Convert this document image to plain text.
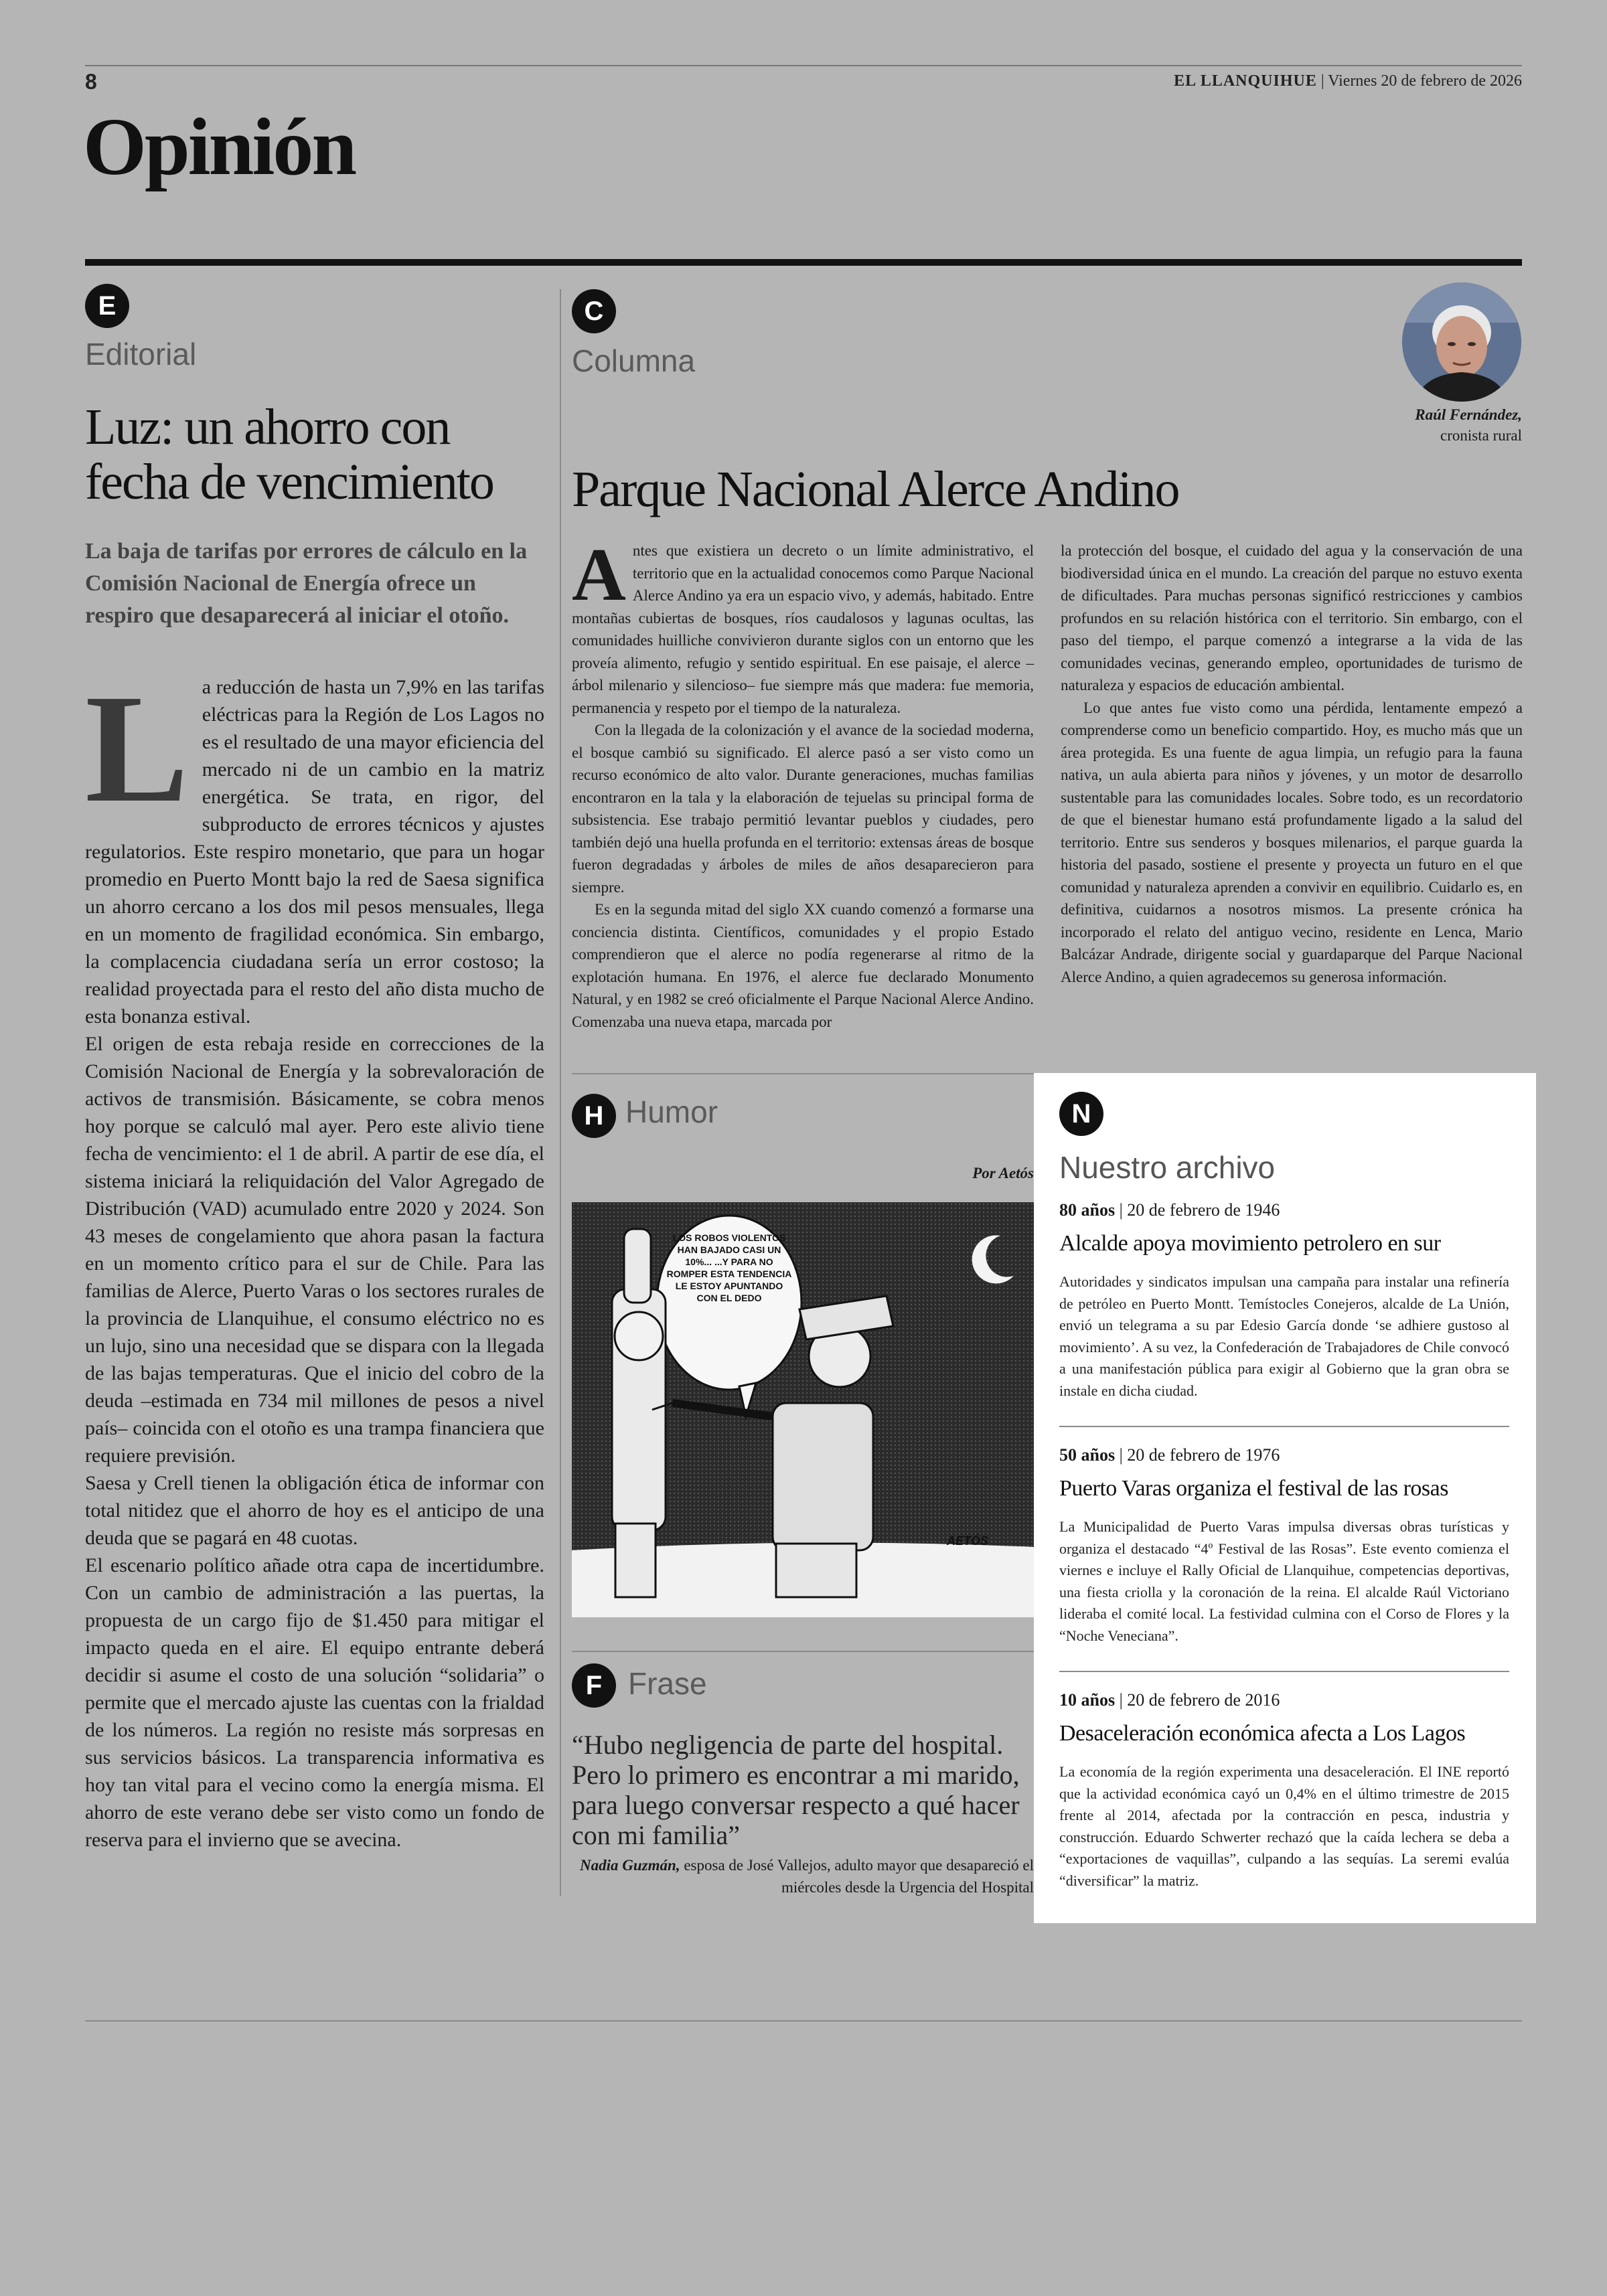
8	EL LLANQUIHUE | Viernes 20 de febrero de 2026
Opinión
E
Editorial
Luz: un ahorro con
fecha de vencimiento
La baja de tarifas por errores de cálculo en la Comisión Nacional de Energía ofrece un respiro que desaparecerá al iniciar el otoño.
L a reducción de hasta un 7,9% en las tarifas eléctricas para la Región de Los Lagos no es el resultado de una mayor eficiencia del mercado ni de un cambio en la matriz energética. Se trata, en rigor, del subproducto de errores técnicos y ajustes regulatorios. Este respiro monetario, que para un hogar promedio en Puerto Montt bajo la red de Saesa significa un ahorro cercano a los dos mil pesos mensuales, llega en un momento de fragilidad económica. Sin embargo, la complacencia ciudadana sería un error costoso; la realidad proyectada para el resto del año dista mucho de esta bonanza estival.

El origen de esta rebaja reside en correcciones de la Comisión Nacional de Energía y la sobrevaloración de activos de transmisión. Básicamente, se cobra menos hoy porque se calculó mal ayer. Pero este alivio tiene fecha de vencimiento: el 1 de abril. A partir de ese día, el sistema iniciará la reliquidación del Valor Agregado de Distribución (VAD) acumulado entre 2020 y 2024. Son 43 meses de congelamiento que ahora pasan la factura en un momento crítico para el sur de Chile. Para las familias de Alerce, Puerto Varas o los sectores rurales de la provincia de Llanquihue, el consumo eléctrico no es un lujo, sino una necesidad que se dispara con la llegada de las bajas temperaturas. Que el inicio del cobro de la deuda –estimada en 734 mil millones de pesos a nivel país– coincida con el otoño es una trampa financiera que requiere previsión.

Saesa y Crell tienen la obligación ética de informar con total nitidez que el ahorro de hoy es el anticipo de una deuda que se pagará en 48 cuotas.

El escenario político añade otra capa de incertidumbre. Con un cambio de administración a las puertas, la propuesta de un cargo fijo de $1.450 para mitigar el impacto queda en el aire. El equipo entrante deberá decidir si asume el costo de una solución “solidaria” o permite que el mercado ajuste las cuentas con la frialdad de los números. La región no resiste más sorpresas en sus servicios básicos. La transparencia informativa es hoy tan vital para el vecino como la energía misma. El ahorro de este verano debe ser visto como un fondo de reserva para el invierno que se avecina.

C
Columna
Raúl Fernández,
cronista rural
Parque Nacional Alerce Andino
A ntes que existiera un decreto o un límite administrativo, el territorio que en la actualidad conocemos como Parque Nacional Alerce Andino ya era un espacio vivo, y además, habitado. Entre montañas cubiertas de bosques, ríos caudalosos y lagunas ocultas, las comunidades huilliche convivieron durante siglos con un entorno que les proveía alimento, refugio y sentido espiritual. En ese paisaje, el alerce –árbol milenario y silencioso– fue siempre más que madera: fue memoria, permanencia y respeto por el tiempo de la naturaleza.

Con la llegada de la colonización y el avance de la sociedad moderna, el bosque cambió su significado. El alerce pasó a ser visto como un recurso económico de alto valor. Durante generaciones, muchas familias encontraron en la tala y la elaboración de tejuelas su principal forma de subsistencia. Ese trabajo permitió levantar pueblos y ciudades, pero también dejó una huella profunda en el territorio: extensas áreas de bosque fueron degradadas y árboles de miles de años desaparecieron para siempre.

Es en la segunda mitad del siglo XX cuando comenzó a formarse una conciencia distinta. Científicos, comunidades y el propio Estado comprendieron que el alerce no podía regenerarse al ritmo de la explotación humana. En 1976, el alerce fue declarado Monumento Natural, y en 1982 se creó oficialmente el Parque Nacional Alerce Andino. Comenzaba una nueva etapa, marcada por

la protección del bosque, el cuidado del agua y la conservación de una biodiversidad única en el mundo. La creación del parque no estuvo exenta de dificultades. Para muchas personas significó restricciones y cambios profundos en su relación histórica con el territorio. Sin embargo, con el paso del tiempo, el parque comenzó a integrarse a la vida de las comunidades vecinas, generando empleo, oportunidades de turismo de naturaleza y espacios de educación ambiental.

Lo que antes fue visto como una pérdida, lentamente empezó a comprenderse como un beneficio compartido. Hoy, es mucho más que un área protegida. Es una fuente de agua limpia, un refugio para la fauna nativa, un aula abierta para niños y jóvenes, y un motor de desarrollo sustentable para las comunidades locales. Sobre todo, es un recordatorio de que el bienestar humano está profundamente ligado a la salud del territorio. Entre sus senderos y bosques milenarios, el parque guarda la historia del pasado, sostiene el presente y proyecta un futuro en el que comunidad y naturaleza aprenden a convivir en equilibrio. Cuidarlo es, en definitiva, cuidarnos a nosotros mismos. La presente crónica ha incorporado el relato del antiguo vecino, residente en Lenca, Mario Balcázar Andrade, dirigente social y guardaparque del Parque Nacional Alerce Andino, a quien agradecemos su generosa información.

H Humor
Por Aetós
LOS ROBOS VIOLENTOS HAN BAJADO CASI UN 10%... ...Y PARA NO ROMPER ESTA TENDENCIA LE ESTOY APUNTANDO CON EL DEDO
AETÓS
F Frase
“Hubo negligencia de parte del hospital. Pero lo primero es encontrar a mi marido, para luego conversar respecto a qué hacer con mi familia”
Nadia Guzmán, esposa de José Vallejos, adulto mayor que desapareció el miércoles desde la Urgencia del Hospital
N
Nuestro archivo
80 años | 20 de febrero de 1946
Alcalde apoya movimiento petrolero en sur
Autoridades y sindicatos impulsan una campaña para instalar una refinería de petróleo en Puerto Montt. Temístocles Conejeros, alcalde de La Unión, envió un telegrama a su par Edesio García donde ‘se adhiere gustoso al movimiento’. A su vez, la Confederación de Trabajadores de Chile convocó a una manifestación pública para exigir al Gobierno que la gran obra se instale en dicha ciudad.
50 años | 20 de febrero de 1976
Puerto Varas organiza el festival de las rosas
La Municipalidad de Puerto Varas impulsa diversas obras turísticas y organiza el destacado “4º Festival de las Rosas”. Este evento comienza el viernes e incluye el Rally Oficial de Llanquihue, competencias deportivas, una fiesta criolla y la coronación de la reina. El alcalde Raúl Victoriano lideraba el comité local. La festividad culmina con el Corso de Flores y la “Noche Veneciana”.
10 años | 20 de febrero de 2016
Desaceleración económica afecta a Los Lagos
La economía de la región experimenta una desaceleración. El INE reportó que la actividad económica cayó un 0,4% en el último trimestre de 2015 frente al 2014, afectada por la contracción en pesca, industria y construcción. Eduardo Schwerter rechazó que la caída lechera se deba a “exportaciones de vaquillas”, culpando a las sequías. La seremi evalúa “diversificar” la matriz.
